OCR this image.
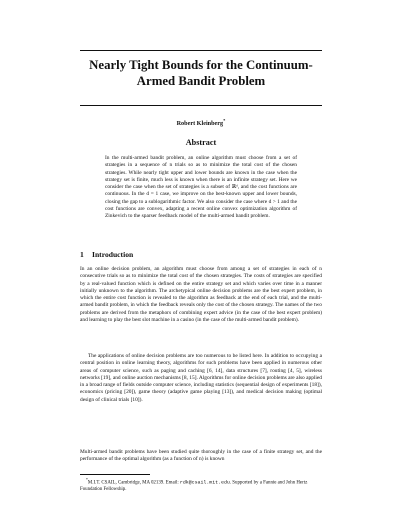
Nearly Tight Bounds for the Continuum-Armed Bandit Problem
Robert Kleinberg*
Abstract

In the multi-armed bandit problem, an online algorithm must choose from a set of strategies in a sequence of n trials so as to minimize the total cost of the chosen strategies. While nearly tight upper and lower bounds are known in the case when the strategy set is finite, much less is known when there is an infinite strategy set. Here we consider the case when the set of strategies is a subset of ℝᵈ, and the cost functions are continuous. In the d = 1 case, we improve on the best-known upper and lower bounds, closing the gap to a sublogarithmic factor. We also consider the case where d > 1 and the cost functions are convex, adapting a recent online convex optimization algorithm of Zinkevich to the sparser feedback model of the multi-armed bandit problem.

1 Introduction

In an online decision problem, an algorithm must choose from among a set of strategies in each of n consecutive trials so as to minimize the total cost of the chosen strategies. The costs of strategies are specified by a real-valued function which is defined on the entire strategy set and which varies over time in a manner initially unknown to the algorithm. The archetypical online decision problems are the best expert problem, in which the entire cost function is revealed to the algorithm as feedback at the end of each trial, and the multi-armed bandit problem, in which the feedback reveals only the cost of the chosen strategy. The names of the two problems are derived from the metaphors of combining expert advice (in the case of the best expert problem) and learning to play the best slot machine in a casino (in the case of the multi-armed bandit problem).

The applications of online decision problems are too numerous to be listed here. In addition to occupying a central position in online learning theory, algorithms for such problems have been applied in numerous other areas of computer science, such as paging and caching [6, 14], data structures [7], routing [4, 5], wireless networks [19], and online auction mechanisms [8, 15]. Algorithms for online decision problems are also applied in a broad range of fields outside computer science, including statistics (sequential design of experiments [18]), economics (pricing [20]), game theory (adaptive game playing [13]), and medical decision making (optimal design of clinical trials [10]).

Multi-armed bandit problems have been studied quite thoroughly in the case of a finite strategy set, and the performance of the optimal algorithm (as a function of n) is known

*M.I.T. CSAIL, Cambridge, MA 02139. Email: rdk@csail.mit.edu. Supported by a Fannie and John Hertz Foundation Fellowship.
